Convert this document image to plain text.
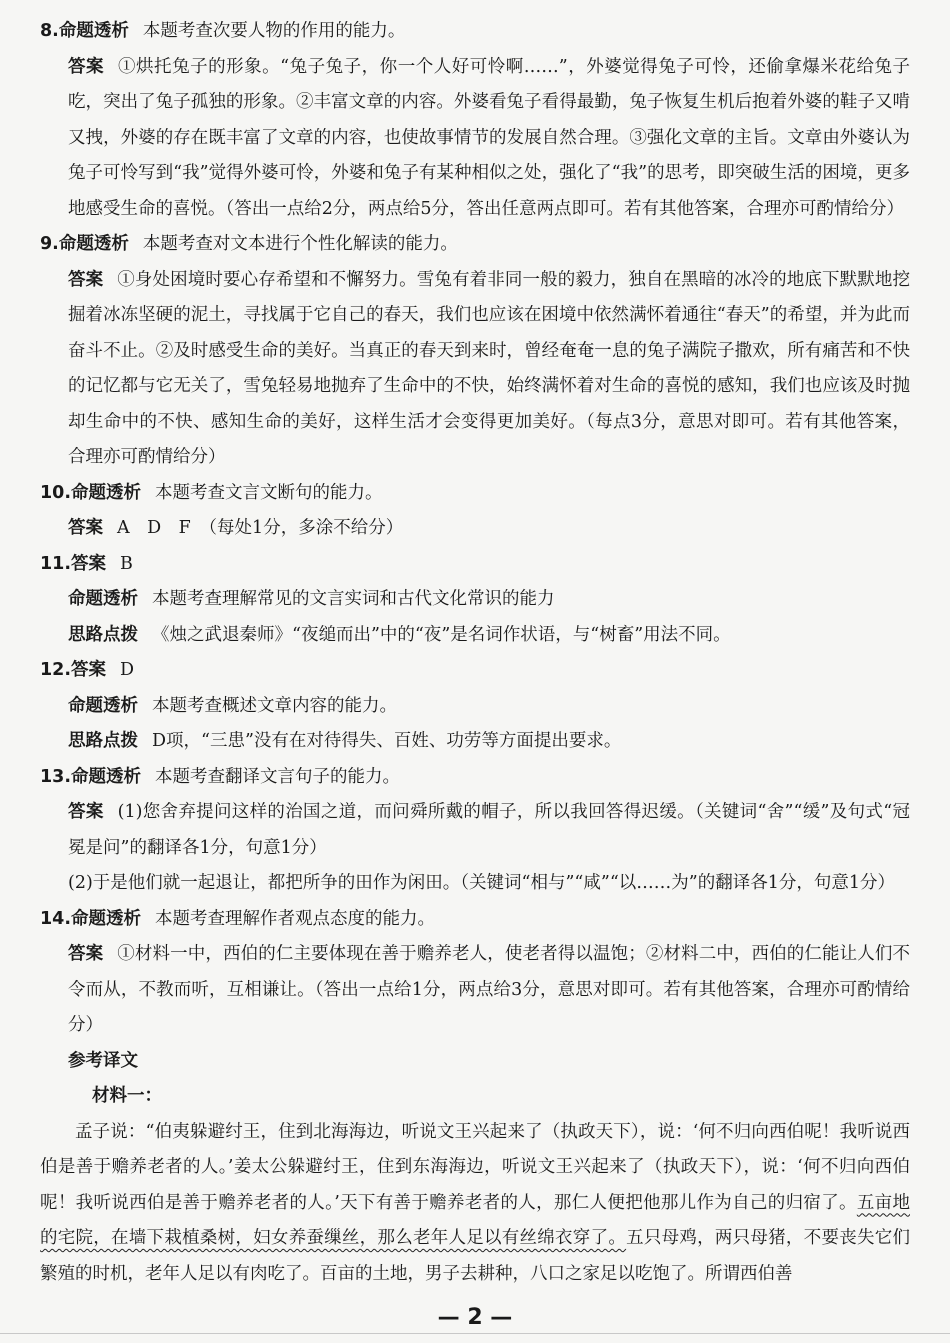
8.命题透析 本题考查次要人物的作用的能力。

答案 ①烘托兔子的形象。“兔子兔子，你一个人好可怜啊……”，外婆觉得兔子可怜，还偷拿爆米花给兔子吃，突出了兔子孤独的形象。②丰富文章的内容。外婆看兔子看得最勤，兔子恢复生机后抱着外婆的鞋子又啃又拽，外婆的存在既丰富了文章的内容，也使故事情节的发展自然合理。③强化文章的主旨。文章由外婆认为兔子可怜写到“我”觉得外婆可怜，外婆和兔子有某种相似之处，强化了“我”的思考，即突破生活的困境，更多地感受生命的喜悦。（答出一点给2分，两点给5分，答出任意两点即可。若有其他答案，合理亦可酌情给分）

9.命题透析 本题考查对文本进行个性化解读的能力。

答案 ①身处困境时要心存希望和不懈努力。雪兔有着非同一般的毅力，独自在黑暗的冰冷的地底下默默地挖掘着冰冻坚硬的泥土，寻找属于它自己的春天，我们也应该在困境中依然满怀着通往“春天”的希望，并为此而奋斗不止。②及时感受生命的美好。当真正的春天到来时，曾经奄奄一息的兔子满院子撒欢，所有痛苦和不快的记忆都与它无关了，雪兔轻易地抛弃了生命中的不快，始终满怀着对生命的喜悦的感知，我们也应该及时抛却生命中的不快、感知生命的美好，这样生活才会变得更加美好。（每点3分，意思对即可。若有其他答案，合理亦可酌情给分）

10.命题透析 本题考查文言文断句的能力。

答案 A　D　F　（每处1分，多涂不给分）

11.答案 B

命题透析 本题考查理解常见的文言实词和古代文化常识的能力

思路点拨 《烛之武退秦师》“夜缒而出”中的“夜”是名词作状语，与“树畜”用法不同。

12.答案 D

命题透析 本题考查概述文章内容的能力。

思路点拨 D项，“三患”没有在对待得失、百姓、功劳等方面提出要求。

13.命题透析 本题考查翻译文言句子的能力。

答案 (1)您舍弃提问这样的治国之道，而问舜所戴的帽子，所以我回答得迟缓。（关键词“舍”“缓”及句式“冠冕是问”的翻译各1分，句意1分）

(2)于是他们就一起退让，都把所争的田作为闲田。（关键词“相与”“咸”“以……为”的翻译各1分，句意1分）

14.命题透析 本题考查理解作者观点态度的能力。

答案 ①材料一中，西伯的仁主要体现在善于赡养老人，使老者得以温饱；②材料二中，西伯的仁能让人们不令而从，不教而听，互相谦让。（答出一点给1分，两点给3分，意思对即可。若有其他答案，合理亦可酌情给分）

参考译文

材料一：

孟子说：“伯夷躲避纣王，住到北海海边，听说文王兴起来了（执政天下），说：‘何不归向西伯呢！我听说西伯是善于赡养老者的人。’姜太公躲避纣王，住到东海海边，听说文王兴起来了（执政天下），说：‘何不归向西伯呢！我听说西伯是善于赡养老者的人。’天下有善于赡养老者的人，那仁人便把他那儿作为自己的归宿了。五亩地的宅院，在墙下栽植桑树，妇女养蚕缫丝，那么老年人足以有丝绵衣穿了。五只母鸡，两只母猪，不要丧失它们繁殖的时机，老年人足以有肉吃了。百亩的土地，男子去耕种，八口之家足以吃饱了。所谓西伯善

— 2 —
